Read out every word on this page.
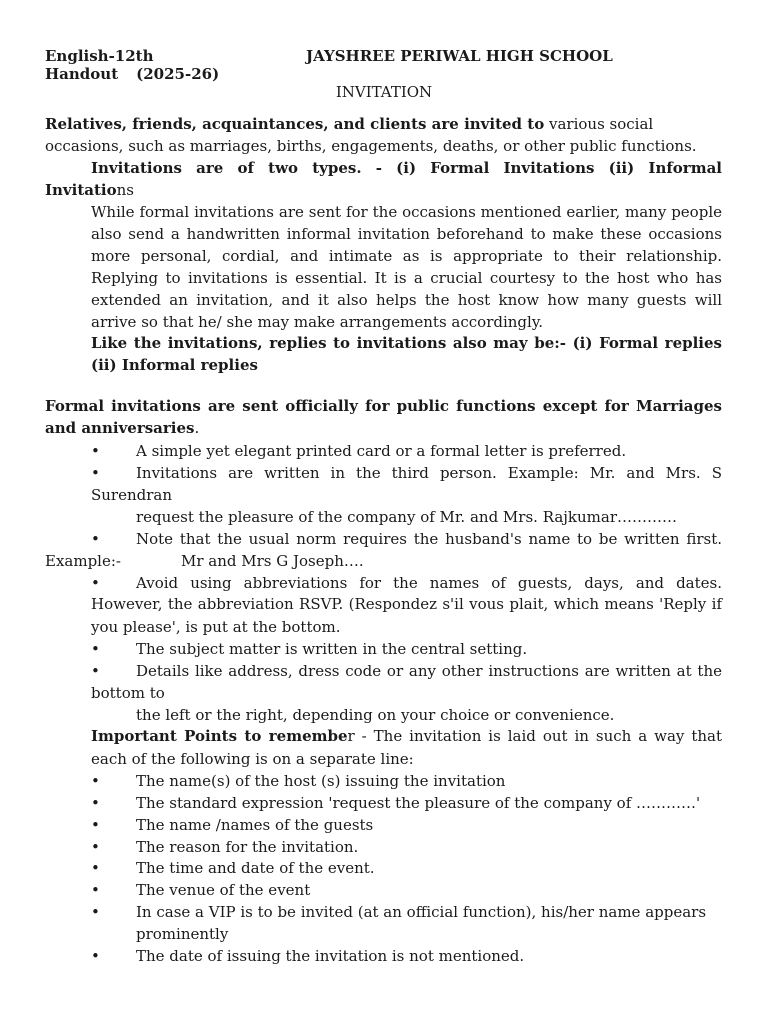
English-12th
Handout (2025-26)
JAYSHREE PERIWAL HIGH SCHOOL
INVITATION
Relatives, friends, acquaintances, and clients are invited to various social occasions, such as marriages, births, engagements, deaths, or other public functions.
Invitations are of two types. - (i) Formal Invitations (ii) Informal Invitations
While formal invitations are sent for the occasions mentioned earlier, many people also send a handwritten informal invitation beforehand to make these occasions more personal, cordial, and intimate as is appropriate to their relationship. Replying to invitations is essential. It is a crucial courtesy to the host who has extended an invitation, and it also helps the host know how many guests will arrive so that he/ she may make arrangements accordingly.
Like the invitations, replies to invitations also may be:- (i) Formal replies (ii) Informal replies
Formal invitations are sent officially for public functions except for Marriages and anniversaries.
• A simple yet elegant printed card or a formal letter is preferred.
• Invitations are written in the third person. Example: Mr. and Mrs. S
Surendran
request the pleasure of the company of Mr. and Mrs. Rajkumar…………
• Note that the usual norm requires the husband's name to be written first.
Example:-	Mr and Mrs G Joseph….
• Avoid using abbreviations for the names of guests, days, and dates.
However, the abbreviation RSVP. (Respondez s'il vous plait, which means 'Reply if
you please', is put at the bottom.
• The subject matter is written in the central setting.
• Details like address, dress code or any other instructions are written at the
bottom to
the left or the right, depending on your choice or convenience.
Important Points to remember - The invitation is laid out in such a way that
each of the following is on a separate line:
• The name(s) of the host (s) issuing the invitation
• The standard expression 'request the pleasure of the company of …………'
• The name /names of the guests
• The reason for the invitation.
• The time and date of the event.
• The venue of the event
• In case a VIP is to be invited (at an official function), his/her name appears prominently
• The date of issuing the invitation is not mentioned.
